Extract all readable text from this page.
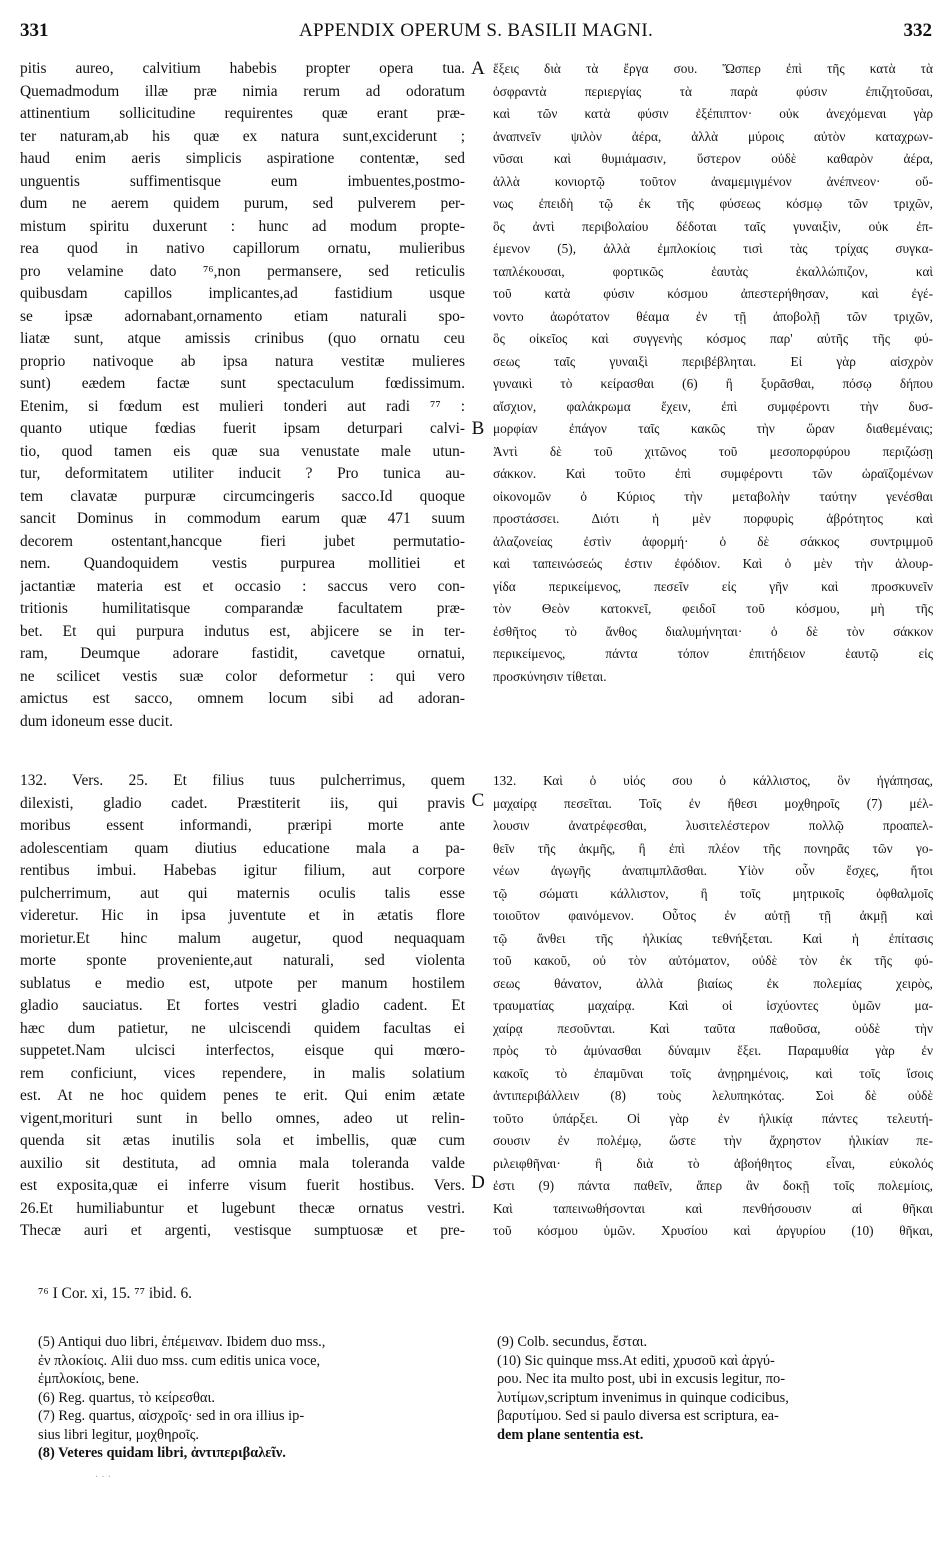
331	APPENDIX OPERUM S. BASILII MAGNI.	332
pitis aureo, calvitium habebis propter opera tua.
Quemadmodum illæ præ nimia rerum ad odoratum
attinentium sollicitudine requirentes quæ erant præ-
ter naturam,ab his quæ ex natura sunt,exciderunt ;
haud enim aeris simplicis aspiratione contentæ, sed
unguentis suffimentisque eum imbuentes,postmo-
dum ne aerem quidem purum, sed pulverem per-
mistum spiritu duxerunt : hunc ad modum propte-
rea quod in nativo capillorum ornatu, mulieribus
pro velamine dato ⁷⁶,non permansere, sed reticulis
quibusdam capillos implicantes,ad fastidium usque
se ipsæ adornabant,ornamento etiam naturali spo-
liatæ sunt, atque amissis crinibus (quo ornatu ceu
proprio nativoque ab ipsa natura vestitæ mulieres
sunt) eædem factæ sunt spectaculum fœdissimum.
Etenim, si fœdum est mulieri tonderi aut radi ⁷⁷ :
quanto utique fœdias fuerit ipsam deturpari calvi-
tio, quod tamen eis quæ sua venustate male utun-
tur, deformitatem utiliter inducit ? Pro tunica au-
tem clavatæ purpuræ circumcingeris sacco.Id quoque
sancit Dominus in commodum earum quæ 471 suum
decorem ostentant,hancque fieri jubet permutatio-
nem. Quandoquidem vestis purpurea mollitiei et
jactantiæ materia est et occasio : saccus vero con-
tritionis humilitatisque comparandæ facultatem præ-
bet. Et qui purpura indutus est, abjicere se in ter-
ram, Deumque adorare fastidit, cavetque ornatui,
ne scilicet vestis suæ color deformetur : qui vero
amictus est sacco, omnem locum sibi ad adoran-
dum idoneum esse ducit.
ἕξεις διὰ τὰ ἔργα σου. Ὥσπερ ἐπὶ τῆς κατὰ τὰ
ὀσφραντὰ περιεργίας τὰ παρὰ φύσιν ἐπιζητοῦσαι,
καὶ τῶν κατὰ φύσιν ἐξέπιπτον· οὐκ ἀνεχόμεναι γὰρ
ἀναπνεῖν ψιλὸν ἀέρα, ἀλλὰ μύροις αὐτὸν καταχρων-
νῦσαι καὶ θυμιάμασιν, ὕστερον οὐδὲ καθαρὸν ἀέρα,
ἀλλὰ κονιορτῷ τοῦτον ἀναμεμιγμένον ἀνέπνεον· οὕ-
νως ἐπειδὴ τῷ ἐκ τῆς φύσεως κόσμῳ τῶν τριχῶν,
ὃς ἀντὶ περιβολαίου δέδοται ταῖς γυναιξὶν, οὐκ ἐπ-
έμενον (5), ἀλλὰ ἐμπλοκίοις τισὶ τὰς τρίχας συγκα-
ταπλέκουσαι, φορτικῶς ἑαυτὰς ἐκαλλώπιζον, καὶ
τοῦ κατὰ φύσιν κόσμου ἀπεστερήθησαν, καὶ ἐγέ-
νοντο ἀωρότατον θέαμα ἐν τῇ ἀποβολῇ τῶν τριχῶν,
ὃς οἰκεῖος καὶ συγγενὴς κόσμος παρ' αὐτῆς τῆς φύ-
σεως ταῖς γυναιξὶ περιβέβληται. Εἰ γὰρ αἰσχρὸν
γυναικὶ τὸ κείρασθαι (6) ἢ ξυρᾶσθαι, πόσῳ δήπου
αἴσχιον, φαλάκρωμα ἔχειν, ἐπὶ συμφέροντι τὴν δυσ-
μορφίαν ἐπάγον ταῖς κακῶς τὴν ὥραν διαθεμέναις;
Ἀντὶ δὲ τοῦ χιτῶνος τοῦ μεσοπορφύρου περιζώσῃ
σάκκον. Καὶ τοῦτο ἐπὶ συμφέροντι τῶν ὡραϊζομένων
οἰκονομῶν ὁ Κύριος τὴν μεταβολὴν ταύτην γενέσθαι
προστάσσει. Διότι ἡ μὲν πορφυρὶς ἁβρότητος καὶ
ἀλαζονείας ἐστὶν ἀφορμή· ὁ δὲ σάκκος συντριμμοῦ
καὶ ταπεινώσεώς ἐστιν ἐφόδιον. Καὶ ὁ μὲν τὴν ἁλουρ-
γίδα περικείμενος, πεσεῖν εἰς γῆν καὶ προσκυνεῖν
τὸν Θεὸν κατοκνεῖ, φειδοῖ τοῦ κόσμου, μὴ τῆς
ἐσθῆτος τὸ ἄνθος διαλυμήνηται· ὁ δὲ τὸν σάκκον
περικείμενος, πάντα τόπον ἐπιτήδειον ἑαυτῷ εἰς
προσκύνησιν τίθεται.
132. Vers. 25. Et filius tuus pulcherrimus, quem
dilexisti, gladio cadet. Præstiterit iis, qui pravis
moribus essent informandi, præripi morte ante
adolescentiam quam diutius educatione mala a pa-
rentibus imbui. Habebas igitur filium, aut corpore
pulcherrimum, aut qui maternis oculis talis esse
videretur. Hic in ipsa juventute et in ætatis flore
morietur.Et hinc malum augetur, quod nequaquam
morte sponte proveniente,aut naturali, sed violenta
sublatus e medio est, utpote per manum hostilem
gladio sauciatus. Et fortes vestri gladio cadent. Et
hæc dum patietur, ne ulciscendi quidem facultas ei
suppetet.Nam ulcisci interfectos, eisque qui mœro-
rem conficiunt, vices rependere, in malis solatium
est. At ne hoc quidem penes te erit. Qui enim ætate
vigent,morituri sunt in bello omnes, adeo ut relin-
quenda sit ætas inutilis sola et imbellis, quæ cum
auxilio sit destituta, ad omnia mala toleranda valde
est exposita,quæ ei inferre visum fuerit hostibus. Vers.
26.Et humiliabuntur et lugebunt thecæ ornatus vestri.
Thecæ auri et argenti, vestisque sumptuosæ et pre-
132. Καὶ ὁ υἱός σου ὁ κάλλιστος, ὃν ἠγάπησας,
μαχαίρᾳ πεσεῖται. Τοῖς ἐν ἤθεσι μοχθηροῖς (7) μέλ-
λουσιν ἀνατρέφεσθαι, λυσιτελέστερον πολλῷ προαπελ-
θεῖν τῆς ἀκμῆς, ἢ ἐπὶ πλέον τῆς πονηρᾶς τῶν γο-
νέων ἀγωγῆς ἀναπιμπλᾶσθαι. Υἱὸν οὖν ἔσχες, ἤτοι
τῷ σώματι κάλλιστον, ἢ τοῖς μητρικοῖς ὀφθαλμοῖς
τοιοῦτον φαινόμενον. Οὗτος ἐν αὐτῇ τῇ ἀκμῇ καὶ
τῷ ἄνθει τῆς ἡλικίας τεθνήξεται. Καὶ ἡ ἐπίτασις
τοῦ κακοῦ, οὐ τὸν αὐτόματον, οὐδὲ τὸν ἐκ τῆς φύ-
σεως θάνατον, ἀλλὰ βιαίως ἐκ πολεμίας χειρὸς,
τραυματίας μαχαίρᾳ. Καὶ οἱ ἰσχύοντες ὑμῶν μα-
χαίρᾳ πεσοῦνται. Καὶ ταῦτα παθοῦσα, οὐδὲ τὴν
πρὸς τὸ ἀμύνασθαι δύναμιν ἕξει. Παραμυθία γὰρ ἐν
κακοῖς τὸ ἐπαμῦναι τοῖς ἀνῃρημένοις, καὶ τοῖς ἴσοις
ἀντιπεριβάλλειν (8) τοὺς λελυπηκότας. Σοὶ δὲ οὐδὲ
τοῦτο ὑπάρξει. Οἱ γὰρ ἐν ἡλικίᾳ πάντες τελευτή-
σουσιν ἐν πολέμῳ, ὥστε τὴν ἄχρηστον ἡλικίαν πε-
ριλειφθῆναι· ἢ διὰ τὸ ἀβοήθητος εἶναι, εὐκολός
ἐστι (9) πάντα παθεῖν, ἅπερ ἂν δοκῇ τοῖς πολεμίοις,
Καὶ ταπεινωθήσονται καὶ πενθήσουσιν αἱ θῆκαι
τοῦ κόσμου ὑμῶν. Χρυσίου καὶ ἀργυρίου (10) θῆκαι,
A
B
C
D
⁷⁶ I Cor. xi, 15. ⁷⁷ ibid. 6.
(5) Antiqui duo libri, ἐπέμειναν. Ibidem duo mss.,
ἐν πλοκίοις. Alii duo mss. cum editis unica voce,
ἐμπλοκίοις, bene.
(6) Reg. quartus, τὸ κείρεσθαι.
(7) Reg. quartus, αἰσχροῖς· sed in ora illius ip-
sius libri legitur, μοχθηροῖς.
(8) Veteres quidam libri, ἀντιπεριβαλεῖν.
(9) Colb. secundus, ἔσται.
(10) Sic quinque mss.At editi, χρυσοῦ καὶ ἀργύ-
ρου. Nec ita multo post, ubi in excusis legitur, πο-
λυτίμων,scriptum invenimus in quinque codicibus,
βαρυτίμου. Sed si paulo diversa est scriptura, ea-
dem plane sententia est.
· · ·
